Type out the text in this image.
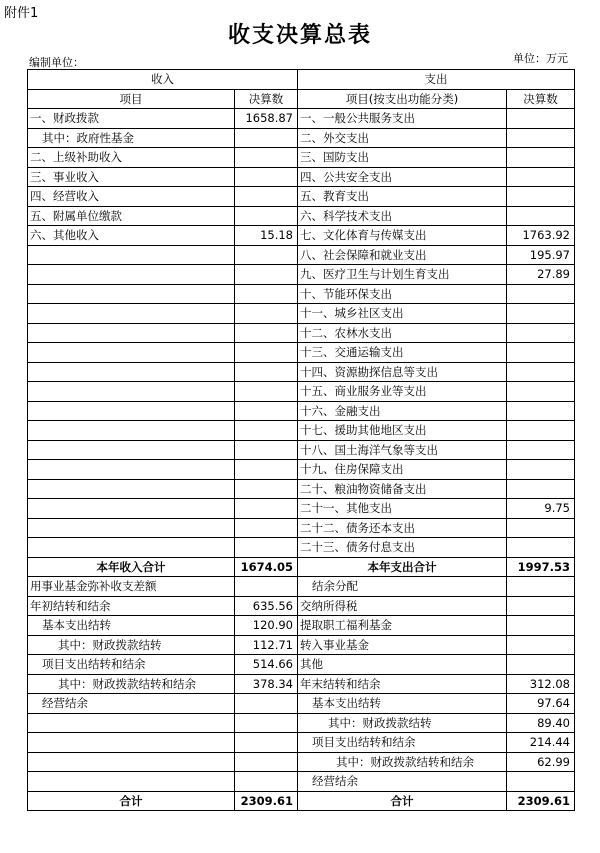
附件1
收支决算总表
编制单位：	单位：万元
收入		支出	
项目	决算数	项目(按支出功能分类)	决算数
一、财政拨款	1658.87	一、一般公共服务支出	
其中：政府性基金		二、外交支出	
二、上级补助收入		三、国防支出	
三、事业收入		四、公共安全支出	
四、经营收入		五、教育支出	
五、附属单位缴款		六、科学技术支出	
六、其他收入	15.18	七、文化体育与传媒支出	1763.92
		八、社会保障和就业支出	195.97
		九、医疗卫生与计划生育支出	27.89
		十、节能环保支出	
		十一、城乡社区支出	
		十二、农林水支出	
		十三、交通运输支出	
		十四、资源勘探信息等支出	
		十五、商业服务业等支出	
		十六、金融支出	
		十七、援助其他地区支出	
		十八、国土海洋气象等支出	
		十九、住房保障支出	
		二十、粮油物资储备支出	
		二十一、其他支出	9.75
		二十二、债务还本支出	
		二十三、债务付息支出	
本年收入合计	1674.05	本年支出合计	1997.53
用事业基金弥补收支差额		结余分配	
年初结转和结余	635.56	交纳所得税	
基本支出结转	120.90	提取职工福利基金	
其中：财政拨款结转	112.71	转入事业基金	
项目支出结转和结余	514.66	其他	
其中：财政拨款结转和结余	378.34	年末结转和结余	312.08
经营结余		基本支出结转	97.64
		其中：财政拨款结转	89.40
		项目支出结转和结余	214.44
		其中：财政拨款结转和结余	62.99
		经营结余	
合计	2309.61	合计	2309.61
